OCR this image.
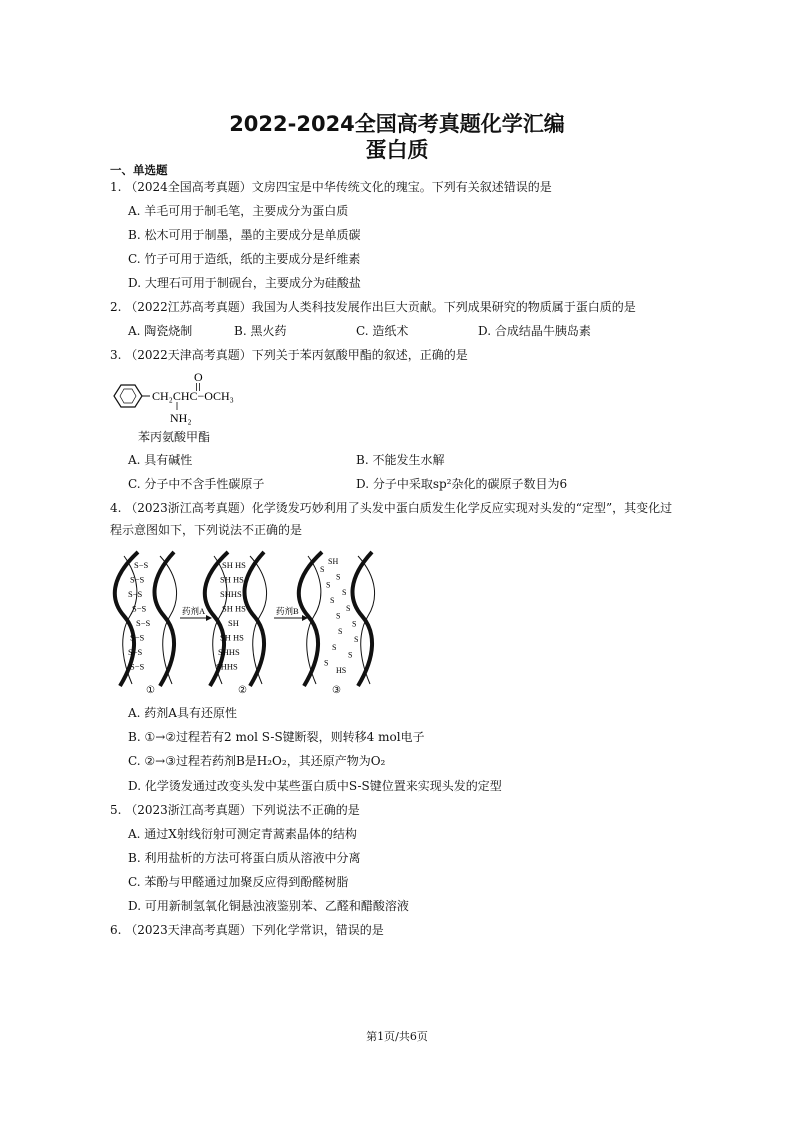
2022-2024全国高考真题化学汇编
蛋白质
一、单选题
1. （2024全国高考真题）文房四宝是中华传统文化的瑰宝。下列有关叙述错误的是
A. 羊毛可用于制毛笔，主要成分为蛋白质
B. 松木可用于制墨，墨的主要成分是单质碳
C. 竹子可用于造纸，纸的主要成分是纤维素
D. 大理石可用于制砚台，主要成分为硅酸盐
2. （2022江苏高考真题）我国为人类科技发展作出巨大贡献。下列成果研究的物质属于蛋白质的是
A. 陶瓷烧制	B. 黑火药	C. 造纸术	D. 合成结晶牛胰岛素
3. （2022天津高考真题）下列关于苯丙氨酸甲酯的叙述，正确的是
O
CH₂CHC−OCH₃
NH₂
苯丙氨酸甲酯
A. 具有碱性	B. 不能发生水解
C. 分子中不含手性碳原子	D. 分子中采取sp²杂化的碳原子数目为6
4. （2023浙江高考真题）化学烫发巧妙利用了头发中蛋白质发生化学反应实现对头发的“定型”，其变化过
程示意图如下，下列说法不正确的是
S−S
S−S
S−S
S−S
S−S
S−S
S−S
S−S
SH HS
SH HS
SHHS
SH HS
SH
SH HS
SHHS
SHHS
SH
S
S
S
S
S
S
S
S
S
S
S
S
S
HS
药剂A	药剂B
①	②	③
A. 药剂A具有还原性
B. ①→②过程若有2 mol S-S键断裂，则转移4 mol电子
C. ②→③过程若药剂B是H₂O₂，其还原产物为O₂
D. 化学烫发通过改变头发中某些蛋白质中S-S键位置来实现头发的定型
5. （2023浙江高考真题）下列说法不正确的是
A. 通过X射线衍射可测定青蒿素晶体的结构
B. 利用盐析的方法可将蛋白质从溶液中分离
C. 苯酚与甲醛通过加聚反应得到酚醛树脂
D. 可用新制氢氧化铜悬浊液鉴别苯、乙醛和醋酸溶液
6. （2023天津高考真题）下列化学常识，错误的是
第1页/共6页
